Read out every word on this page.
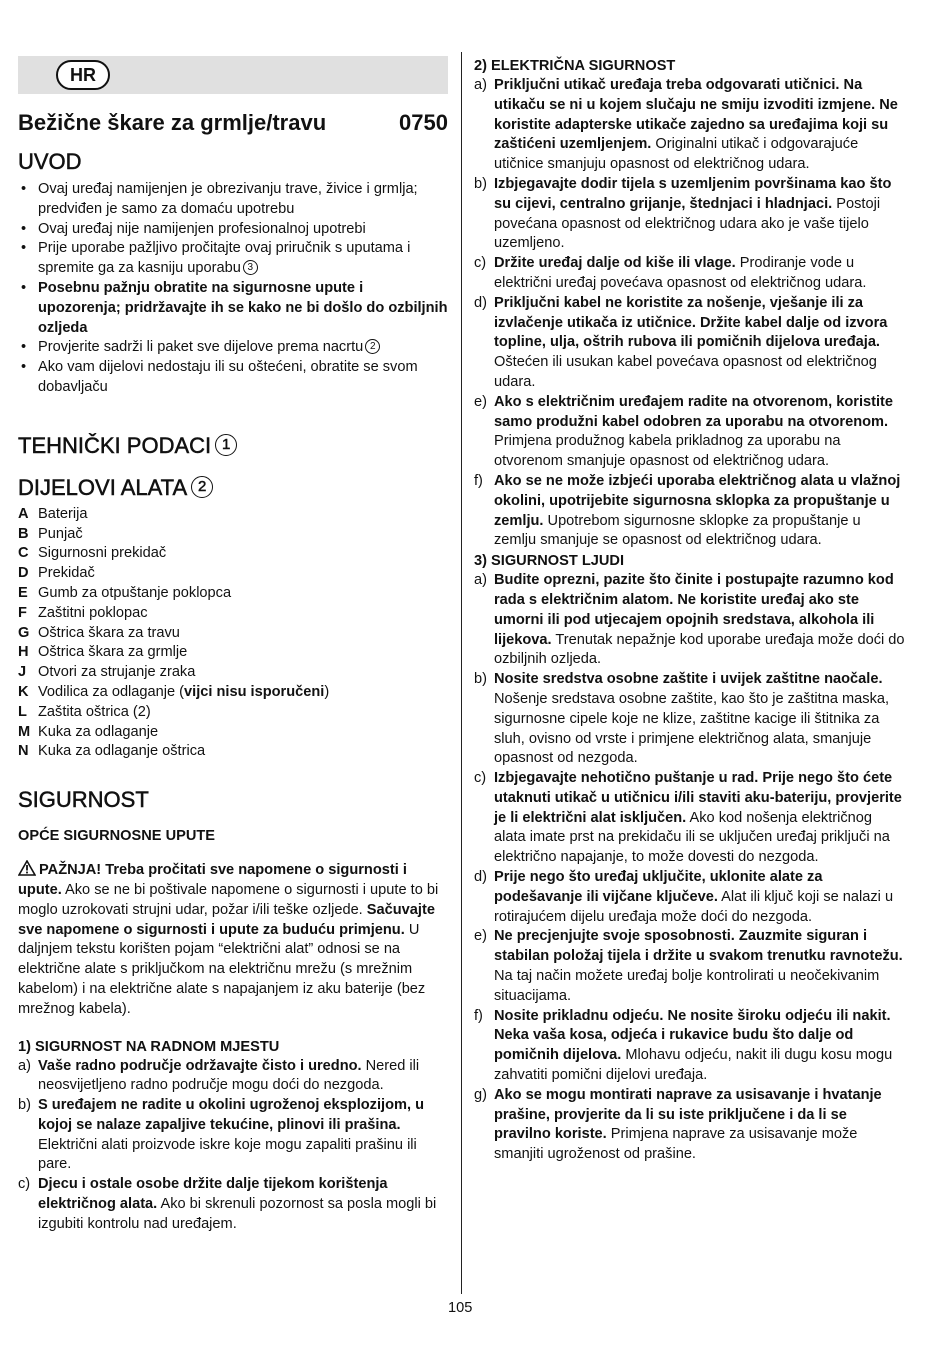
HR
Bežične škare za grmlje/travu	0750
UVOD
• Ovaj uređaj namijenjen je obrezivanju trave, živice i grmlja; predviđen je samo za domaću upotrebu
• Ovaj uređaj nije namijenjen profesionalnoj upotrebi
• Prije uporabe pažljivo pročitajte ovaj priručnik s uputama i spremite ga za kasniju uporabu 3
• Posebnu pažnju obratite na sigurnosne upute i upozorenja; pridržavajte ih se kako ne bi došlo do ozbiljnih ozljeda
• Provjerite sadrži li paket sve dijelove prema nacrtu 2
• Ako vam dijelovi nedostaju ili su oštećeni, obratite se svom dobavljaču
TEHNIČKI PODACI 1
DIJELOVI ALATA 2
A Baterija
B Punjač
C Sigurnosni prekidač
D Prekidač
E Gumb za otpuštanje poklopca
F Zaštitni poklopac
G Oštrica škara za travu
H Oštrica škara za grmlje
J Otvori za strujanje zraka
K Vodilica za odlaganje (vijci nisu isporučeni)
L Zaštita oštrica (2)
M Kuka za odlaganje
N Kuka za odlaganje oštrica
SIGURNOST
OPĆE SIGURNOSNE UPUTE
PAŽNJA! Treba pročitati sve napomene o sigurnosti i upute. Ako se ne bi poštivale napomene o sigurnosti i upute to bi moglo uzrokovati strujni udar, požar i/ili teške ozljede. Sačuvajte sve napomene o sigurnosti i upute za buduću primjenu. U daljnjem tekstu korišten pojam “električni alat” odnosi se na električne alate s priključkom na električnu mrežu (s mrežnim kabelom) i na električne alate s napajanjem iz aku baterije (bez mrežnog kabela).
1) SIGURNOST NA RADNOM MJESTU
a) Vaše radno područje održavajte čisto i uredno. Nered ili neosvijetljeno radno područje mogu doći do nezgoda.
b) S uređajem ne radite u okolini ugroženoj eksplozijom, u kojoj se nalaze zapaljive tekućine, plinovi ili prašina. Električni alati proizvode iskre koje mogu zapaliti prašinu ili pare.
c) Djecu i ostale osobe držite dalje tijekom korištenja električnog alata. Ako bi skrenuli pozornost sa posla mogli bi izgubiti kontrolu nad uređajem.
2) ELEKTRIČNA SIGURNOST
a) Priključni utikač uređaja treba odgovarati utičnici. Na utikaču se ni u kojem slučaju ne smiju izvoditi izmjene. Ne koristite adapterske utikače zajedno sa uređajima koji su zaštićeni uzemljenjem. Originalni utikač i odgovarajuće utičnice smanjuju opasnost od električnog udara.
b) Izbjegavajte dodir tijela s uzemljenim površinama kao što su cijevi, centralno grijanje, štednjaci i hladnjaci. Postoji povećana opasnost od električnog udara ako je vaše tijelo uzemljeno.
c) Držite uređaj dalje od kiše ili vlage. Prodiranje vode u električni uređaj povećava opasnost od električnog udara.
d) Priključni kabel ne koristite za nošenje, vješanje ili za izvlačenje utikača iz utičnice. Držite kabel dalje od izvora topline, ulja, oštrih rubova ili pomičnih dijelova uređaja. Oštećen ili usukan kabel povećava opasnost od električnog udara.
e) Ako s električnim uređajem radite na otvorenom, koristite samo produžni kabel odobren za uporabu na otvorenom. Primjena produžnog kabela prikladnog za uporabu na otvorenom smanjuje opasnost od električnog udara.
f) Ako se ne može izbjeći uporaba električnog alata u vlažnoj okolini, upotrijebite sigurnosna sklopka za propuštanje u zemlju. Upotrebom sigurnosne sklopke za propuštanje u zemlju smanjuje se opasnost od električnog udara.
3) SIGURNOST LJUDI
a) Budite oprezni, pazite što činite i postupajte razumno kod rada s električnim alatom. Ne koristite uređaj ako ste umorni ili pod utjecajem opojnih sredstava, alkohola ili lijekova. Trenutak nepažnje kod uporabe uređaja može doći do ozbiljnih ozljeda.
b) Nosite sredstva osobne zaštite i uvijek zaštitne naočale. Nošenje sredstava osobne zaštite, kao što je zaštitna maska, sigurnosne cipele koje ne klize, zaštitne kacige ili štitnika za sluh, ovisno od vrste i primjene električnog alata, smanjuje opasnost od nezgoda.
c) Izbjegavajte nehotično puštanje u rad. Prije nego što ćete utaknuti utikač u utičnicu i/ili staviti aku-bateriju, provjerite je li električni alat isključen. Ako kod nošenja električnog alata imate prst na prekidaču ili se uključen uređaj priključi na električno napajanje, to može dovesti do nezgoda.
d) Prije nego što uređaj uključite, uklonite alate za podešavanje ili vijčane ključeve. Alat ili ključ koji se nalazi u rotirajućem dijelu uređaja može doći do nezgoda.
e) Ne precjenjujte svoje sposobnosti. Zauzmite siguran i stabilan položaj tijela i držite u svakom trenutku ravnotežu. Na taj način možete uređaj bolje kontrolirati u neočekivanim situacijama.
f) Nosite prikladnu odjeću. Ne nosite široku odjeću ili nakit. Neka vaša kosa, odjeća i rukavice budu što dalje od pomičnih dijelova. Mlohavu odjeću, nakit ili dugu kosu mogu zahvatiti pomični dijelovi uređaja.
g) Ako se mogu montirati naprave za usisavanje i hvatanje prašine, provjerite da li su iste priključene i da li se pravilno koriste. Primjena naprave za usisavanje može smanjiti ugroženost od prašine.
105
